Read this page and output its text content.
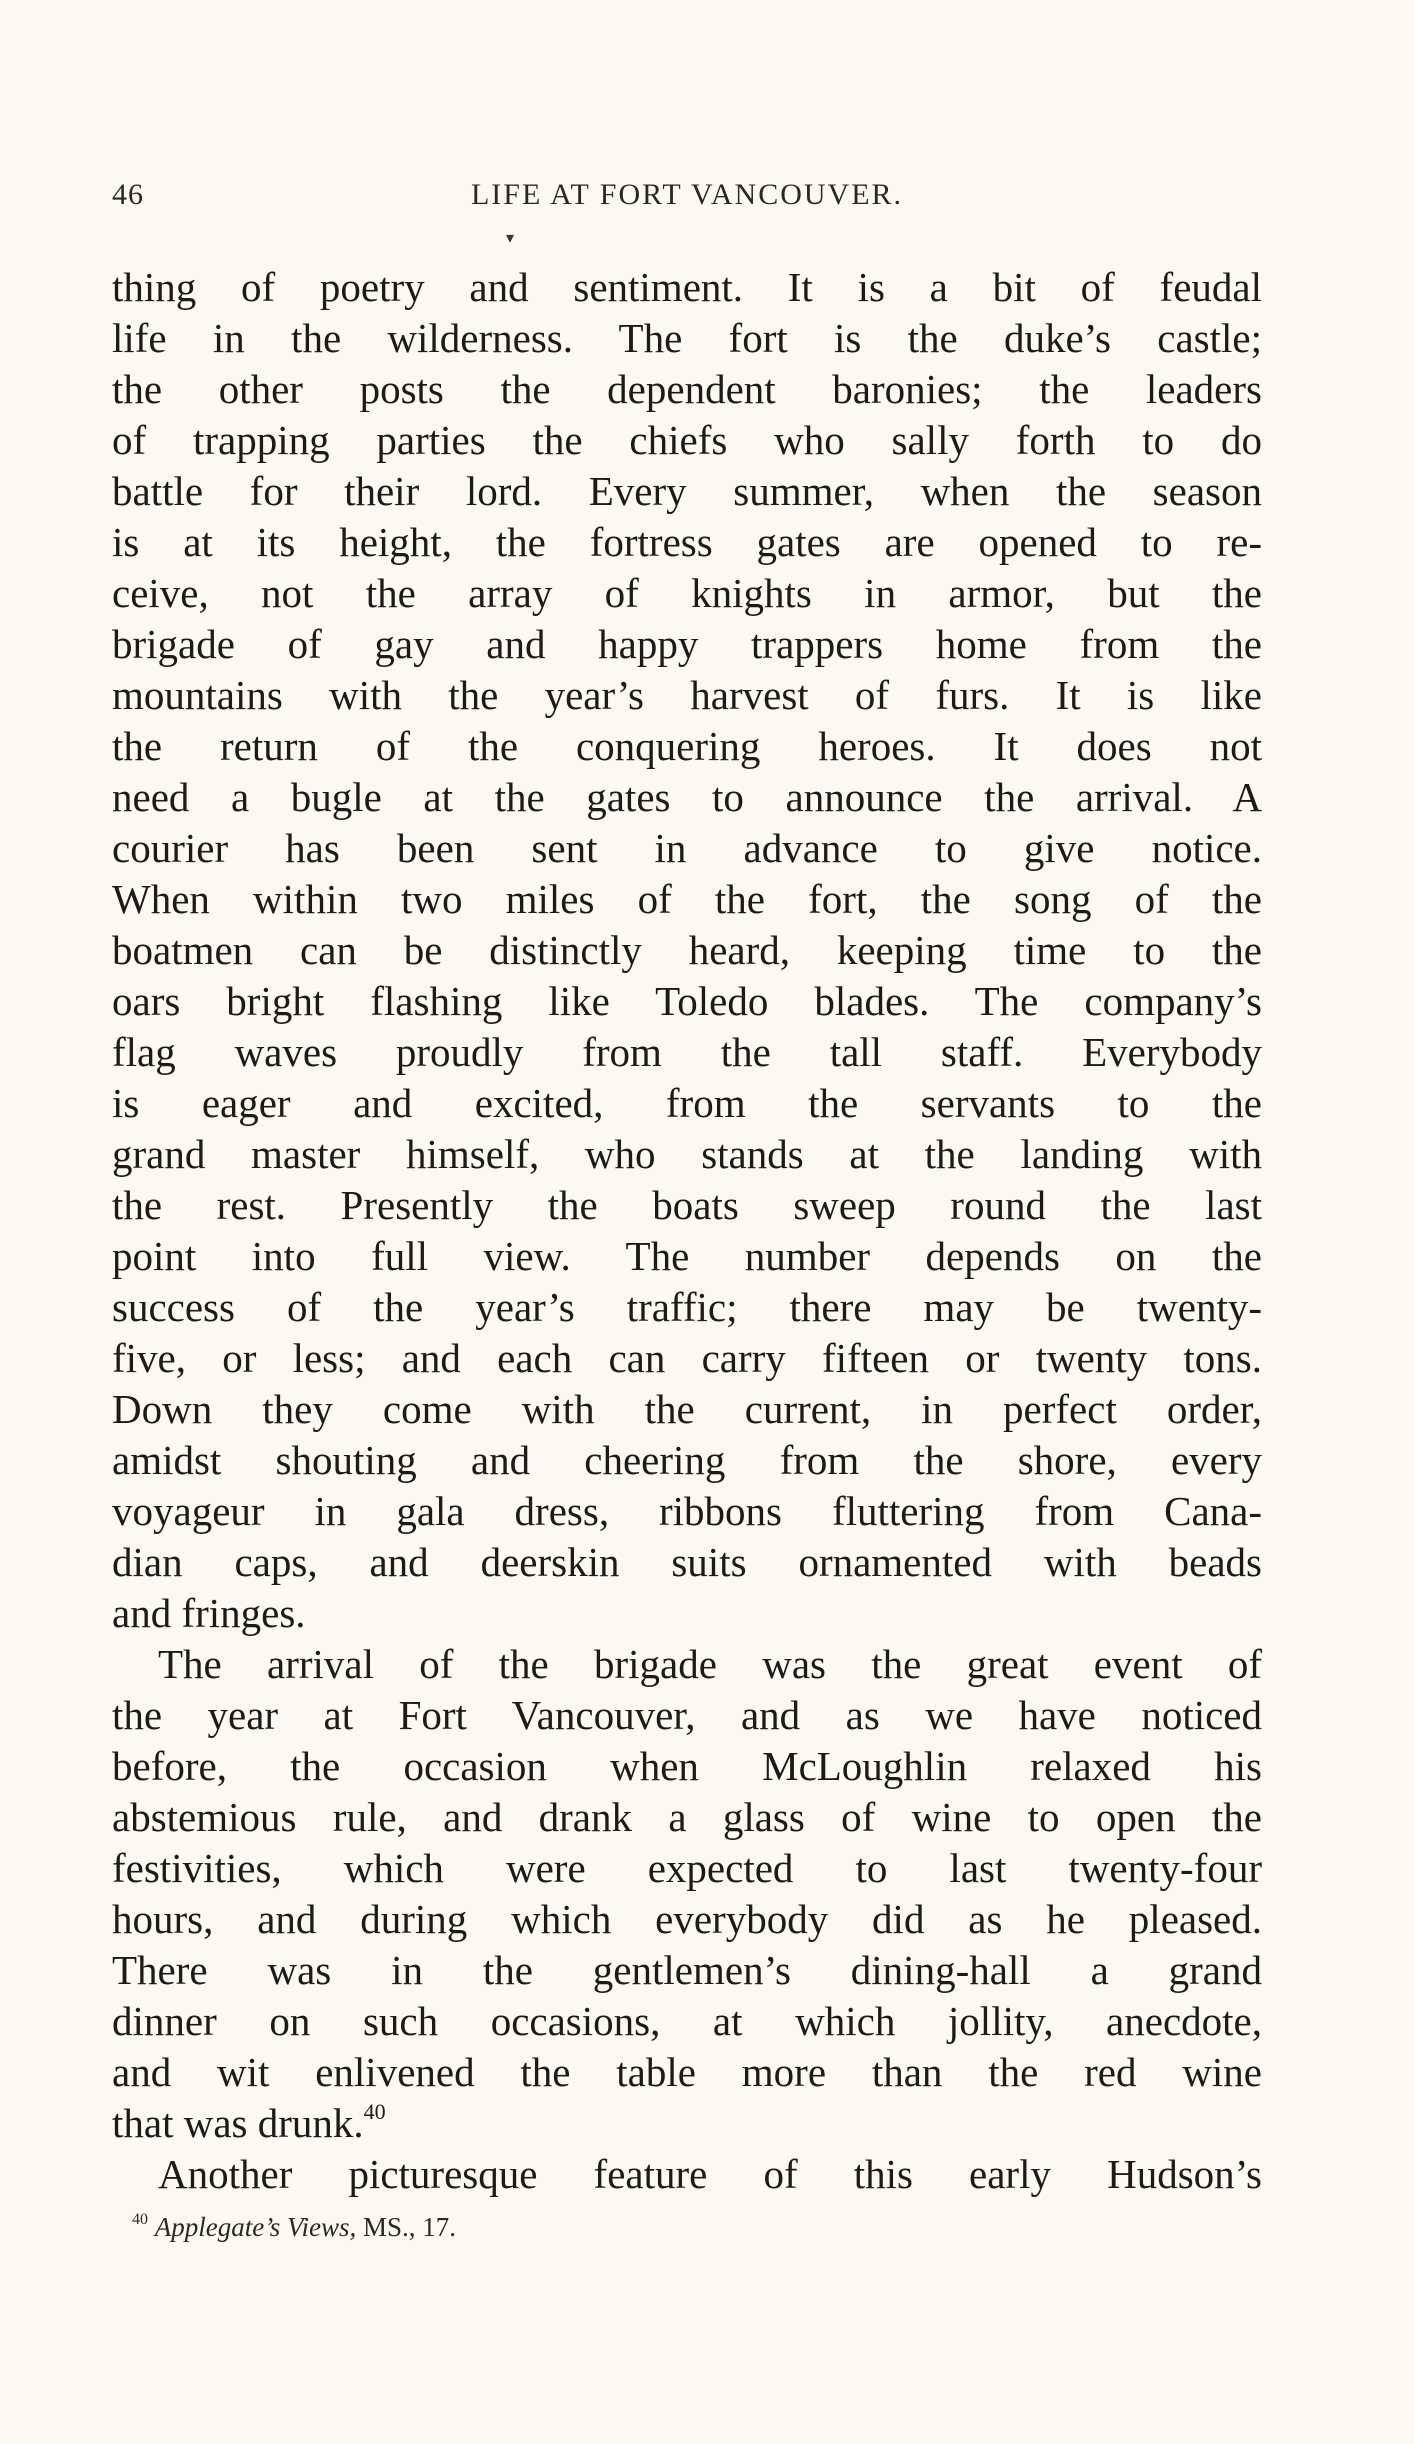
46	LIFE AT FORT VANCOUVER.
▾
thing of poetry and sentiment. It is a bit of feudal
life in the wilderness. The fort is the duke’s castle;
the other posts the dependent baronies; the leaders
of trapping parties the chiefs who sally forth to do
battle for their lord. Every summer, when the season
is at its height, the fortress gates are opened to re-
ceive, not the array of knights in armor, but the
brigade of gay and happy trappers home from the
mountains with the year’s harvest of furs. It is like
the return of the conquering heroes. It does not
need a bugle at the gates to announce the arrival. A
courier has been sent in advance to give notice.
When within two miles of the fort, the song of the
boatmen can be distinctly heard, keeping time to the
oars bright flashing like Toledo blades. The company’s
flag waves proudly from the tall staff. Everybody
is eager and excited, from the servants to the
grand master himself, who stands at the landing with
the rest. Presently the boats sweep round the last
point into full view. The number depends on the
success of the year’s traffic; there may be twenty-
five, or less; and each can carry fifteen or twenty tons.
Down they come with the current, in perfect order,
amidst shouting and cheering from the shore, every
voyageur in gala dress, ribbons fluttering from Cana-
dian caps, and deerskin suits ornamented with beads
and fringes.
The arrival of the brigade was the great event of
the year at Fort Vancouver, and as we have noticed
before, the occasion when McLoughlin relaxed his
abstemious rule, and drank a glass of wine to open the
festivities, which were expected to last twenty-four
hours, and during which everybody did as he pleased.
There was in the gentlemen’s dining-hall a grand
dinner on such occasions, at which jollity, anecdote,
and wit enlivened the table more than the red wine
that was drunk.$^{40}$
Another picturesque feature of this early Hudson’s
$^{40}$ Applegate’s Views, MS., 17.
